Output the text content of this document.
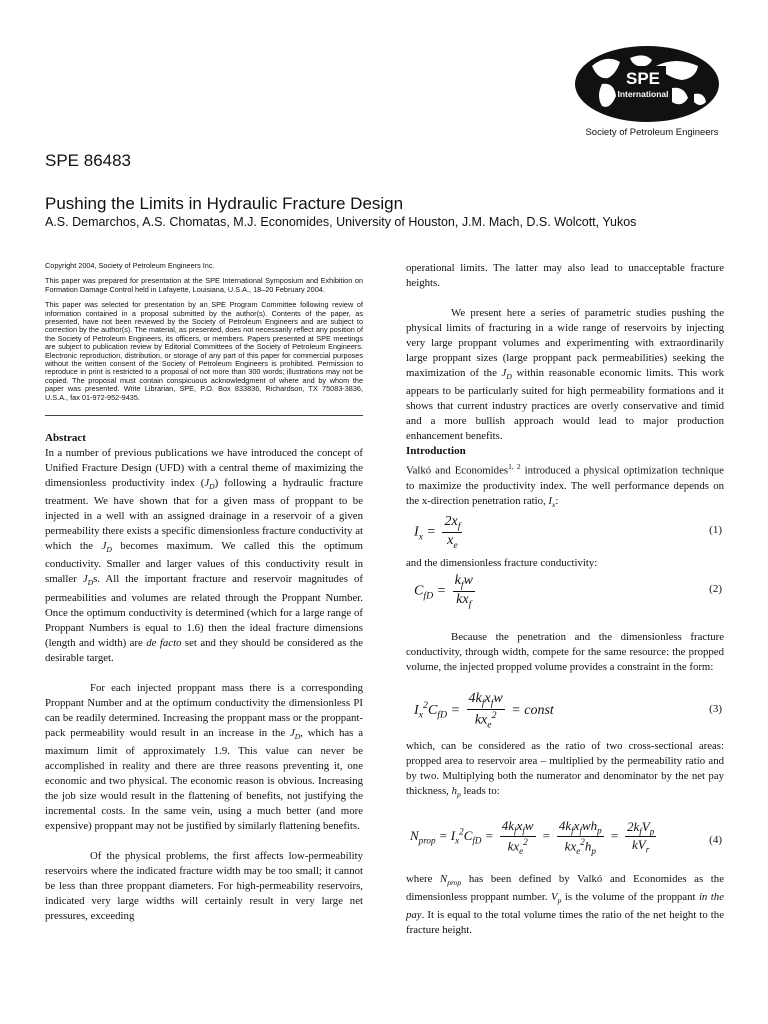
SPE
International
Society of Petroleum Engineers
SPE 86483
Pushing the Limits in Hydraulic Fracture Design
A.S. Demarchos, A.S. Chomatas, M.J. Economides, University of Houston, J.M. Mach, D.S. Wolcott, Yukos

Copyright 2004, Society of Petroleum Engineers Inc.

This paper was prepared for presentation at the SPE International Symposium and Exhibition on Formation Damage Control held in Lafayette, Louisiana, U.S.A., 18–20 February 2004.

This paper was selected for presentation by an SPE Program Committee following review of information contained in a proposal submitted by the author(s). Contents of the paper, as presented, have not been reviewed by the Society of Petroleum Engineers and are subject to correction by the author(s). The material, as presented, does not necessarily reflect any position of the Society of Petroleum Engineers, its officers, or members. Papers presented at SPE meetings are subject to publication review by Editorial Committees of the Society of Petroleum Engineers. Electronic reproduction, distribution, or storage of any part of this paper for commercial purposes without the written consent of the Society of Petroleum Engineers is prohibited. Permission to reproduce in print is restricted to a proposal of not more than 300 words; illustrations may not be copied. The proposal must contain conspicuous acknowledgment of where and by whom the paper was presented. Write Librarian, SPE, P.O. Box 833836, Richardson, TX 75083-3836, U.S.A., fax 01-972-952-9435.

Abstract

In a number of previous publications we have introduced the concept of Unified Fracture Design (UFD) with a central theme of maximizing the dimensionless productivity index $(J_D)$ following a hydraulic fracture treatment. We have shown that for a given mass of proppant to be injected in a well with an assigned drainage in a reservoir of a given permeability there exists a specific dimensionless fracture conductivity at which the $J_D$ becomes maximum. We called this the optimum conductivity. Smaller and larger values of this conductivity result in smaller $J_Ds$. All the important fracture and reservoir magnitudes of permeabilities and volumes are related through the Proppant Number. Once the optimum conductivity is determined (which for a large range of Proppant Numbers is equal to 1.6) then the ideal fracture dimensions (length and width) are de facto set and they should be considered as the desirable target.

For each injected proppant mass there is a corresponding Proppant Number and at the optimum conductivity the dimensionless PI can be readily determined. Increasing the proppant mass or the proppant-pack permeability would result in an increase in the $J_D$, which has a maximum limit of approximately 1.9. This value can never be accomplished in reality and there are three reasons preventing it, one economic and two physical. The economic reason is obvious. Increasing the job size would result in the flattening of benefits, not justifying the incremental costs. In the same vein, using a much better (and more expensive) proppant may not be justified by similarly flattening benefits.

Of the physical problems, the first affects low-permeability reservoirs where the indicated fracture width may be too small; it cannot be less than three proppant diameters. For high-permeability reservoirs, indicated very large widths will certainly result in very large net pressures, exceeding

operational limits. The latter may also lead to unacceptable fracture heights.

We present here a series of parametric studies pushing the physical limits of fracturing in a wide range of reservoirs by injecting very large proppant volumes and experimenting with extraordinarily large proppant sizes (large proppant pack permeabilities) seeking the maximization of the $J_D$ within reasonable economic limits. This work appears to be particularly suited for high permeability formations and it shows that current industry practices are overly conservative and timid and a more bullish approach would lead to major production enhancement benefits.

Introduction

Valkó and Economides$^{1, 2}$ introduced a physical optimization technique to maximize the productivity index. The well performance depends on the x-direction penetration ratio, $I_x$:

$I_x = \frac{2x_f}{x_e}$	(1)

and the dimensionless fracture conductivity:

$C_{fD} = \frac{k_fw}{kx_f}$	(2)

Because the penetration and the dimensionless fracture conductivity, through width, compete for the same resource: the propped volume, the injected propped volume provides a constraint in the form:

$I_x^2C_{fD} = \frac{4k_fx_fw}{kx_e^2}$ = const	(3)

which, can be considered as the ratio of two cross-sectional areas: propped area to reservoir area – multiplied by the permeability ratio and by two. Multiplying both the numerator and denominator by the net pay thickness, $h_p$ leads to:

$N_{prop} = I_x^2C_{fD} = \frac{4k_fx_fw}{kx_e^2} = \frac{4k_fx_fwh_p}{kx_e^2h_p} = \frac{2k_fV_p}{kV_r}$	(4)

where $N_{prop}$ has been defined by Valkó and Economides as the dimensionless proppant number. $V_p$ is the volume of the proppant in the pay. It is equal to the total volume times the ratio of the net height to the fracture height.
